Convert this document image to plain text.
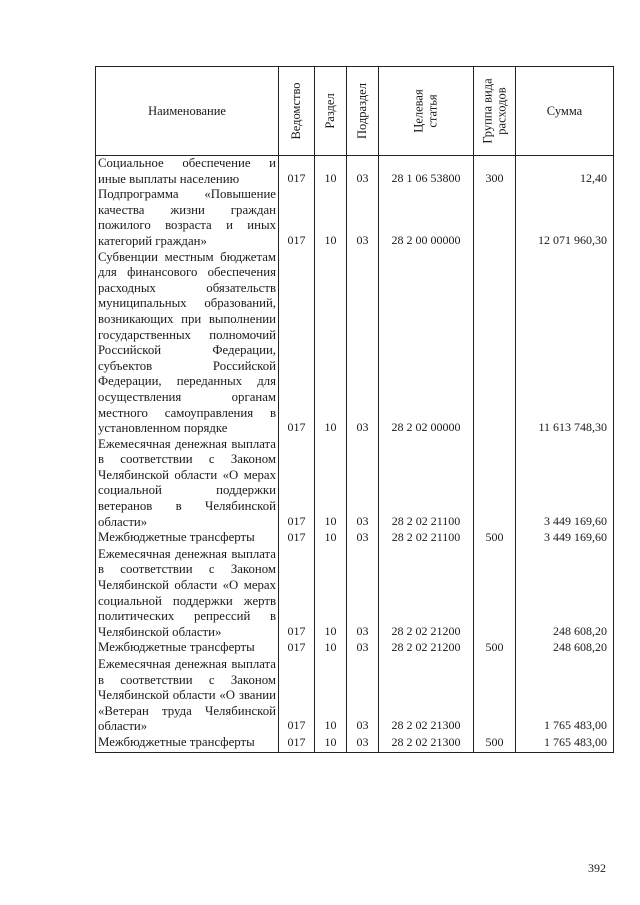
Наименование	Ведомство	Раздел	Подраздел	Целевая статья	Группа вида расходов	Сумма
Социальное обеспечение и иные выплаты населению	017	10	03	28 1 06 53800	300	12,40
Подпрограмма «Повышение качества жизни граждан пожилого возраста и иных категорий граждан»	017	10	03	28 2 00 00000		12 071 960,30
Субвенции местным бюджетам для финансового обеспечения расходных обязательств муниципальных образований, возникающих при выполнении государственных полномочий Российской Федерации, субъектов Российской Федерации, переданных для осуществления органам местного самоуправления в установленном порядке	017	10	03	28 2 02 00000		11 613 748,30
Ежемесячная денежная выплата в соответствии с Законом Челябинской области «О мерах социальной поддержки ветеранов в Челябинской области»	017	10	03	28 2 02 21100		3 449 169,60
Межбюджетные трансферты	017	10	03	28 2 02 21100	500	3 449 169,60
Ежемесячная денежная выплата в соответствии с Законом Челябинской области «О мерах социальной поддержки жертв политических репрессий в Челябинской области»	017	10	03	28 2 02 21200		248 608,20
Межбюджетные трансферты	017	10	03	28 2 02 21200	500	248 608,20
Ежемесячная денежная выплата в соответствии с Законом Челябинской области «О звании «Ветеран труда Челябинской области»	017	10	03	28 2 02 21300		1 765 483,00
Межбюджетные трансферты	017	10	03	28 2 02 21300	500	1 765 483,00
392
